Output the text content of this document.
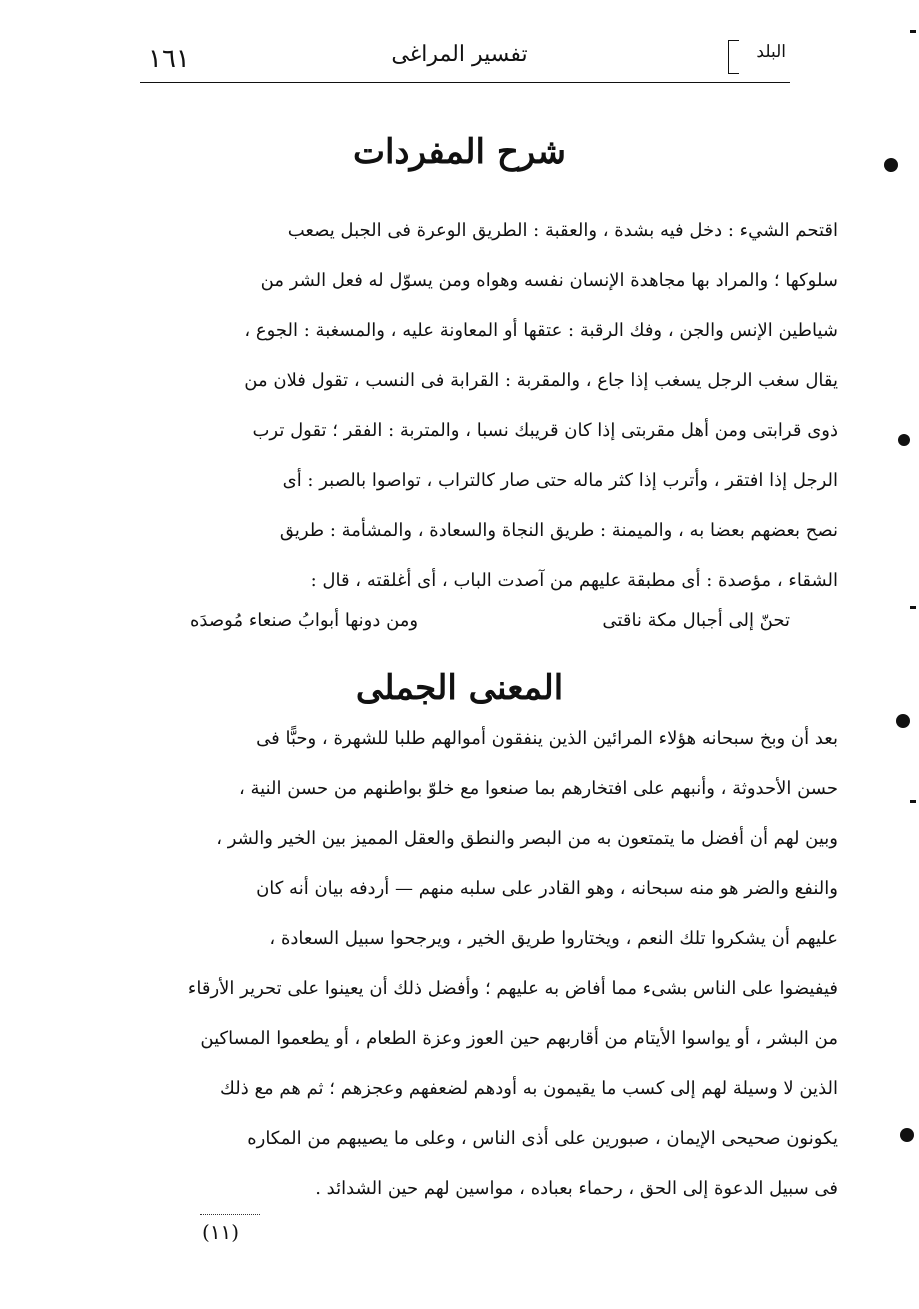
١٦١	تفسير المراغى	البلد
شرح المفردات
اقتحم الشيء : دخل فيه بشدة ، والعقبة : الطريق الوعرة فى الجبل يصعب
سلوكها ؛ والمراد بها مجاهدة الإنسان نفسه وهواه ومن يسوّل له فعل الشر من
شياطين الإنس والجن ، وفك الرقبة : عتقها أو المعاونة عليه ، والمسغبة : الجوع ،
يقال سغب الرجل يسغب إذا جاع ، والمقربة : القرابة فى النسب ، تقول فلان من
ذوى قرابتى ومن أهل مقربتى إذا كان قريبك نسبا ، والمتربة : الفقر ؛ تقول ترب
الرجل إذا افتقر ، وأترب إذا كثر ماله حتى صار كالتراب ، تواصوا بالصبر : أى
نصح بعضهم بعضا به ، والميمنة : طريق النجاة والسعادة ، والمشأمة : طريق
الشقاء ، مؤصدة : أى مطبقة عليهم من آصدت الباب ، أى أغلقته ، قال :
تحنّ إلى أجبال مكة ناقتى
ومن دونها أبوابُ صنعاء مُوصدَه
المعنى الجملى
بعد أن وبخ سبحانه هؤلاء المرائين الذين ينفقون أموالهم طلبا للشهرة ، وحبًّا فى
حسن الأحدوثة ، وأنبهم على افتخارهم بما صنعوا مع خلوّ بواطنهم من حسن النية ،
وبين لهم أن أفضل ما يتمتعون به من البصر والنطق والعقل المميز بين الخير والشر ،
والنفع والضر هو منه سبحانه ، وهو القادر على سلبه منهم — أردفه بيان أنه كان
عليهم أن يشكروا تلك النعم ، ويختاروا طريق الخير ، ويرجحوا سبيل السعادة ،
فيفيضوا على الناس بشىء مما أفاض به عليهم ؛ وأفضل ذلك أن يعينوا على تحرير الأرقاء
من البشر ، أو يواسوا الأيتام من أقاربهم حين العوز وعزة الطعام ، أو يطعموا المساكين
الذين لا وسيلة لهم إلى كسب ما يقيمون به أودهم لضعفهم وعجزهم ؛ ثم هم مع ذلك
يكونون صحيحى الإيمان ، صبورين على أذى الناس ، وعلى ما يصيبهم من المكاره
فى سبيل الدعوة إلى الحق ، رحماء بعباده ، مواسين لهم حين الشدائد .
(١١)
